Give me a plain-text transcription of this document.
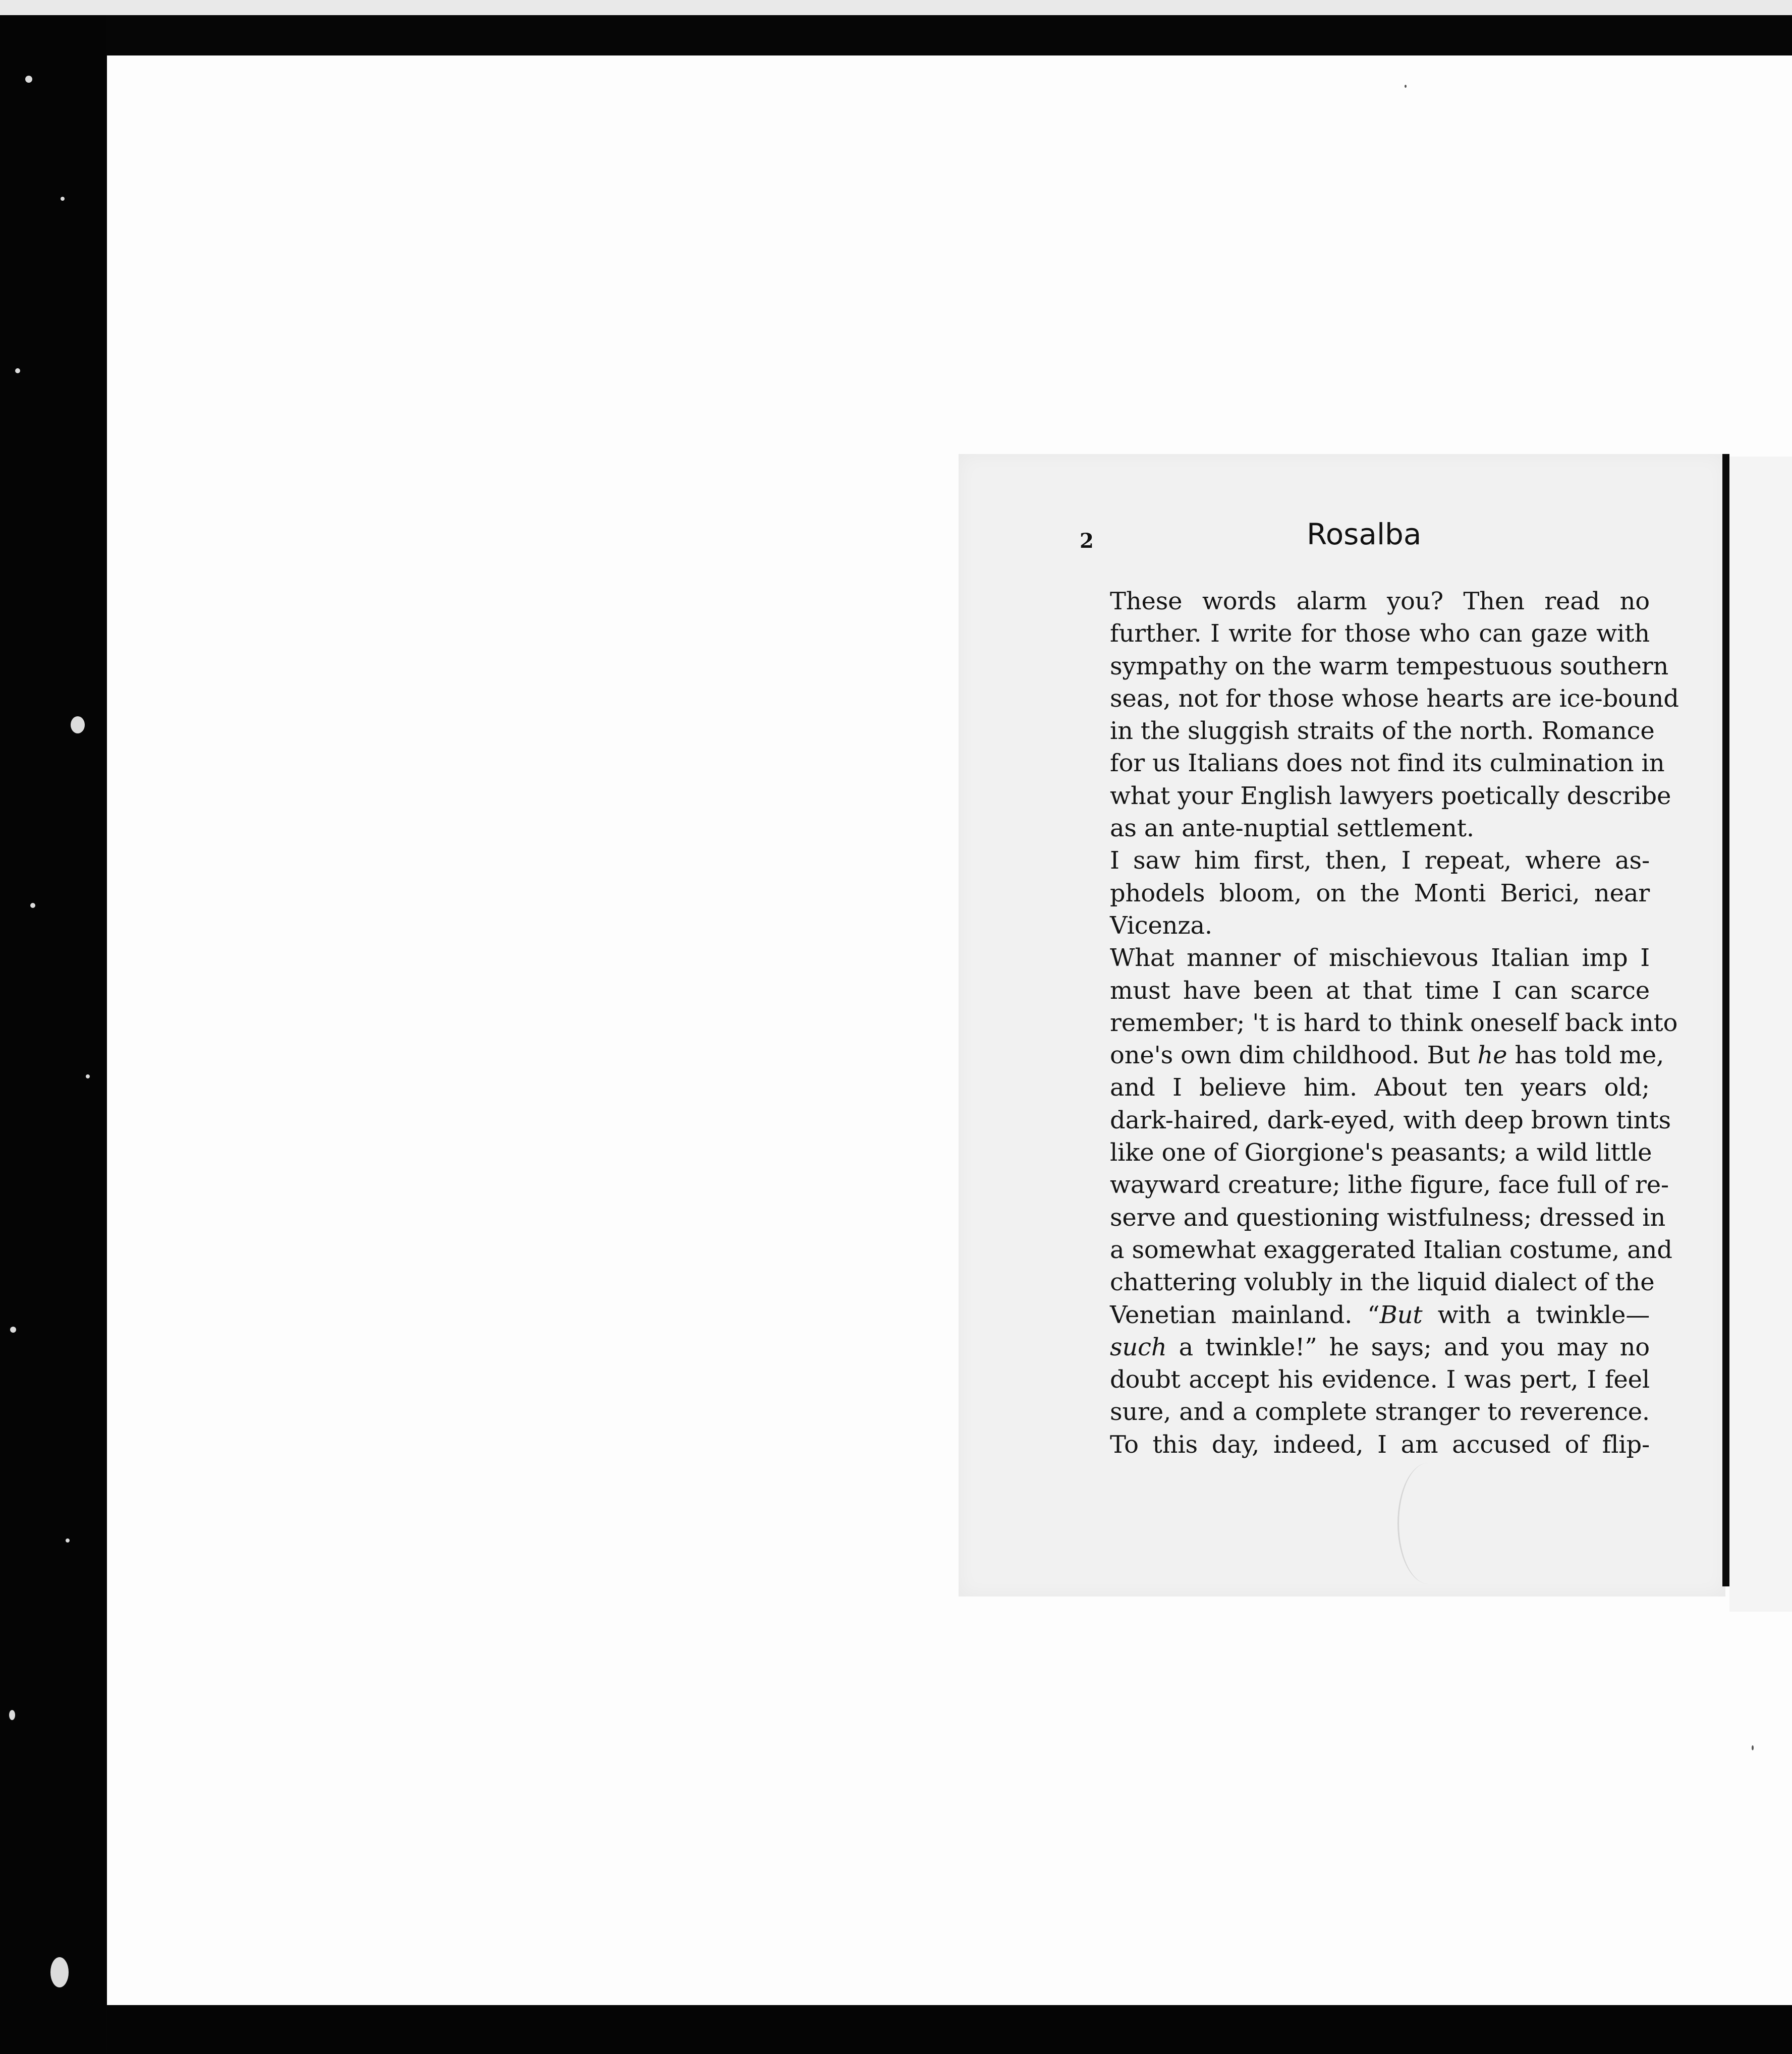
2	Rosalba

These words alarm you? Then read no
further. I write for those who can gaze with
sympathy on the warm tempestuous southern
seas, not for those whose hearts are ice-bound
in the sluggish straits of the north. Romance
for us Italians does not find its culmination in
what your English lawyers poetically describe
as an ante-nuptial settlement.

I saw him first, then, I repeat, where as-
phodels bloom, on the Monti Berici, near
Vicenza.

What manner of mischievous Italian imp I
must have been at that time I can scarce
remember; 't is hard to think oneself back into
one's own dim childhood. But he has told me,
and I believe him. About ten years old;
dark-haired, dark-eyed, with deep brown tints
like one of Giorgione's peasants; a wild little
wayward creature; lithe figure, face full of re-
serve and questioning wistfulness; dressed in
a somewhat exaggerated Italian costume, and
chattering volubly in the liquid dialect of the
Venetian mainland. “But with a twinkle—
such a twinkle!” he says; and you may no
doubt accept his evidence. I was pert, I feel
sure, and a complete stranger to reverence.
To this day, indeed, I am accused of flip-
